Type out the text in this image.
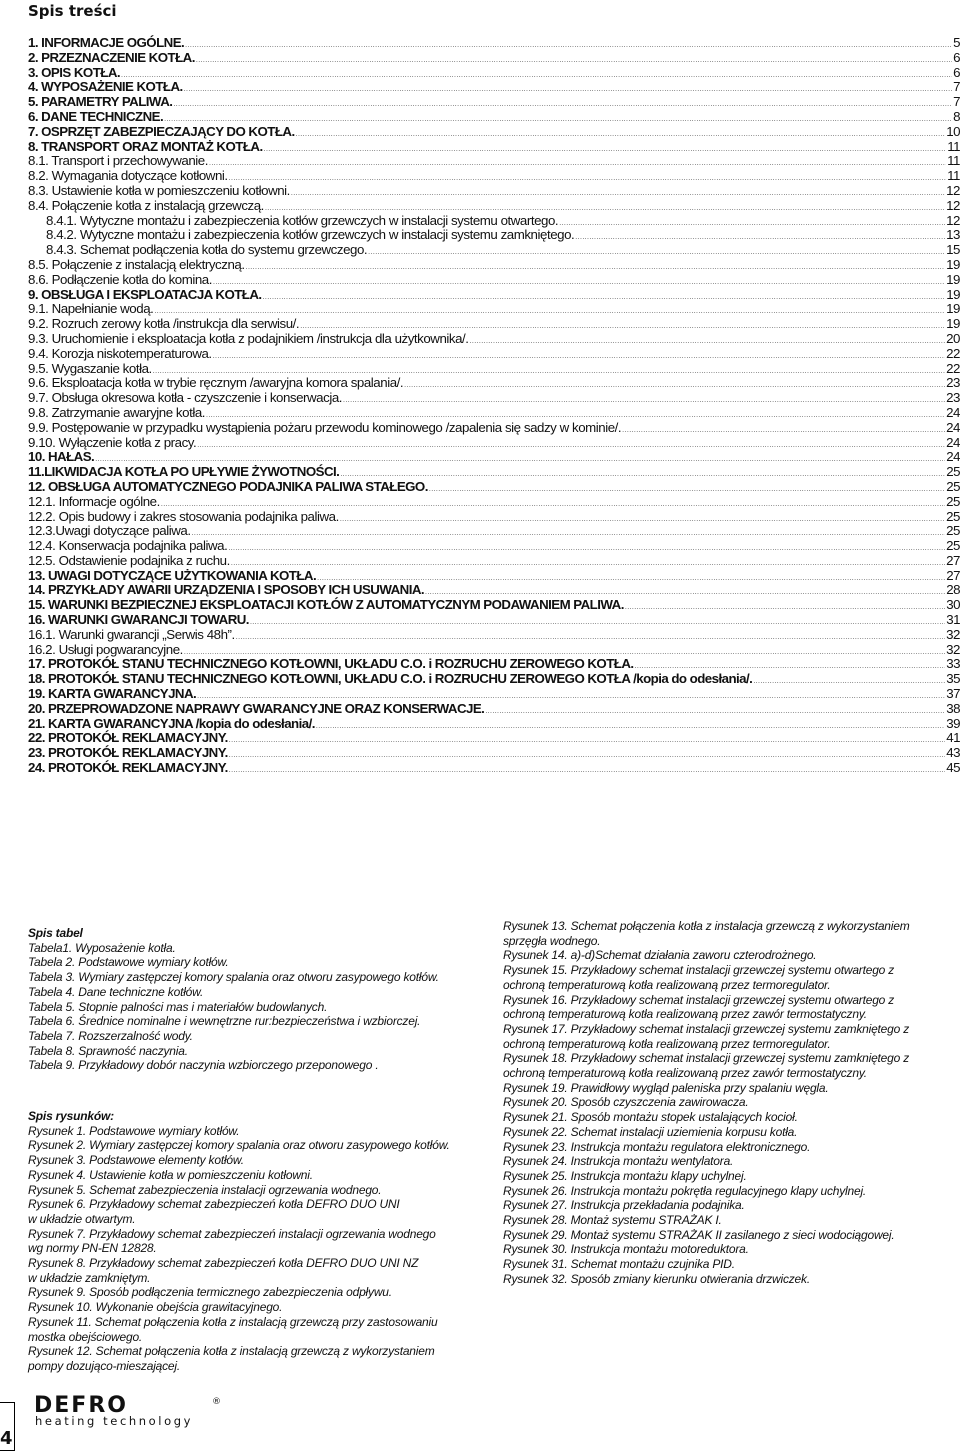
Spis treści
1. INFORMACJE OGÓLNE. .....	5
2. PRZEZNACZENIE KOTŁA. .....	6
3. OPIS KOTŁA. .....	6
4. WYPOSAŻENIE KOTŁA. .....	7
5. PARAMETRY PALIWA. .....	7
6. DANE TECHNICZNE. .....	8
7. OSPRZĘT ZABEZPIECZAJĄCY DO KOTŁA. .....	10
8. TRANSPORT ORAZ MONTAŻ KOTŁA. .....	11
8.1. Transport i przechowywanie. .....	11
8.2. Wymagania dotyczące kotłowni. .....	11
8.3. Ustawienie kotła w pomieszczeniu kotłowni. .....	12
8.4. Połączenie kotła z instalacją grzewczą. .....	12
8.4.1. Wytyczne montażu i zabezpieczenia kotłów grzewczych w instalacji systemu otwartego. .....	12
8.4.2. Wytyczne montażu i zabezpieczenia kotłów grzewczych w instalacji systemu zamkniętego. .....	13
8.4.3. Schemat podłączenia kotła do systemu grzewczego. .....	15
8.5. Połączenie z instalacją elektryczną. .....	19
8.6. Podłączenie kotła do komina. .....	19
9. OBSŁUGA I EKSPLOATACJA KOTŁA. .....	19
9.1. Napełnianie wodą. .....	19
9.2. Rozruch zerowy kotła /instrukcja dla serwisu/. .....	19
9.3. Uruchomienie i eksploatacja kotła z podajnikiem /instrukcja dla użytkownika/. .....	20
9.4. Korozja niskotemperaturowa. .....	22
9.5. Wygaszanie kotła. .....	22
9.6. Eksploatacja kotła w trybie ręcznym /awaryjna komora spalania/. .....	23
9.7. Obsługa okresowa kotła - czyszczenie i konserwacja. .....	23
9.8. Zatrzymanie awaryjne kotła. .....	24
9.9. Postępowanie w przypadku wystąpienia pożaru przewodu kominowego /zapalenia się sadzy w kominie/. .....	24
9.10. Wyłączenie kotła z pracy. .....	24
10. HAŁAS. .....	24
11.LIKWIDACJA KOTŁA PO UPŁYWIE ŻYWOTNOŚCI. .....	25
12. OBSŁUGA AUTOMATYCZNEGO PODAJNIKA PALIWA STAŁEGO. .....	25
12.1. Informacje ogólne. .....	25
12.2. Opis budowy i zakres stosowania podajnika paliwa. .....	25
12.3.Uwagi dotyczące paliwa. .....	25
12.4. Konserwacja podajnika paliwa. .....	25
12.5. Odstawienie podajnika z ruchu. .....	27
13. UWAGI DOTYCZĄCE UŻYTKOWANIA KOTŁA. .....	27
14. PRZYKŁADY AWARII URZĄDZENIA I SPOSOBY ICH USUWANIA. .....	28
15. WARUNKI BEZPIECZNEJ EKSPLOATACJI KOTŁÓW Z AUTOMATYCZNYM PODAWANIEM PALIWA. .....	30
16. WARUNKI GWARANCJI TOWARU. .....	31
16.1. Warunki gwarancji „Serwis 48h”. .....	32
16.2. Usługi pogwarancyjne. .....	32
17. PROTOKÓŁ STANU TECHNICZNEGO KOTŁOWNI, UKŁADU C.O. i ROZRUCHU ZEROWEGO KOTŁA. .....	33
18. PROTOKÓŁ STANU TECHNICZNEGO KOTŁOWNI, UKŁADU C.O. i ROZRUCHU ZEROWEGO KOTŁA /kopia do odesłania/. .....	35
19. KARTA GWARANCYJNA. .....	37
20. PRZEPROWADZONE NAPRAWY GWARANCYJNE ORAZ KONSERWACJE. .....	38
21. KARTA GWARANCYJNA /kopia do odesłania/. .....	39
22. PROTOKÓŁ REKLAMACYJNY. .....	41
23. PROTOKÓŁ REKLAMACYJNY. .....	43
24. PROTOKÓŁ REKLAMACYJNY. .....	45
Spis tabel
Tabela1. Wyposażenie kotła.
Tabela 2. Podstawowe wymiary kotłów.
Tabela 3. Wymiary zastępczej komory spalania oraz otworu zasypowego kotłów.
Tabela 4. Dane techniczne kotłów.
Tabela 5. Stopnie palności mas i materiałów budowlanych.
Tabela 6. Średnice nominalne i wewnętrzne rur:bezpieczeństwa i wzbiorczej.
Tabela 7. Rozszerzalność wody.
Tabela 8. Sprawność naczynia.
Tabela 9. Przykładowy dobór naczynia wzbiorczego przeponowego .
Spis rysunków:
Rysunek 1. Podstawowe wymiary kotłów.
Rysunek 2. Wymiary zastępczej komory spalania oraz otworu zasypowego kotłów.
Rysunek 3. Podstawowe elementy kotłów.
Rysunek 4. Ustawienie kotła w pomieszczeniu kotłowni.
Rysunek 5. Schemat zabezpieczenia instalacji ogrzewania wodnego.
Rysunek 6. Przykładowy schemat zabezpieczeń kotła DEFRO DUO UNI
w układzie otwartym.
Rysunek 7. Przykładowy schemat zabezpieczeń instalacji ogrzewania wodnego
wg normy PN-EN 12828.
Rysunek 8. Przykładowy schemat zabezpieczeń kotła DEFRO DUO UNI NZ
w układzie zamkniętym.
Rysunek 9. Sposób podłączenia termicznego zabezpieczenia odpływu.
Rysunek 10. Wykonanie obejścia grawitacyjnego.
Rysunek 11. Schemat połączenia kotła z instalacją grzewczą przy zastosowaniu
mostka obejściowego.
Rysunek 12. Schemat połączenia kotła z instalacją grzewczą z wykorzystaniem
pompy dozująco-mieszającej.
Rysunek 13. Schemat połączenia kotła z instalacja grzewczą z wykorzystaniem
sprzęgła wodnego.
Rysunek 14. a)-d)Schemat działania zaworu czterodrożnego.
Rysunek 15. Przykładowy schemat instalacji grzewczej systemu otwartego z
ochroną temperaturową kotła realizowaną przez termoregulator.
Rysunek 16. Przykładowy schemat instalacji grzewczej systemu otwartego z
ochroną temperaturową kotła realizowaną przez zawór termostatyczny.
Rysunek 17. Przykładowy schemat instalacji grzewczej systemu zamkniętego z
ochroną temperaturową kotła realizowaną przez termoregulator.
Rysunek 18. Przykładowy schemat instalacji grzewczej systemu zamkniętego z
ochroną temperaturową kotła realizowaną przez zawór termostatyczny.
Rysunek 19. Prawidłowy wygląd paleniska przy spalaniu węgla.
Rysunek 20. Sposób czyszczenia zawirowacza.
Rysunek 21. Sposób montażu stopek ustalających kocioł.
Rysunek 22. Schemat instalacji uziemienia korpusu kotła.
Rysunek 23. Instrukcja montażu regulatora elektronicznego.
Rysunek 24. Instrukcja montażu wentylatora.
Rysunek 25. Instrukcja montażu klapy uchylnej.
Rysunek 26. Instrukcja montażu pokrętła regulacyjnego klapy uchylnej.
Rysunek 27. Instrukcja przekładania podajnika.
Rysunek 28. Montaż systemu STRAŻAK I.
Rysunek 29. Montaż systemu STRAŻAK II zasilanego z sieci wodociągowej.
Rysunek 30. Instrukcja montażu motoreduktora.
Rysunek 31. Schemat montażu czujnika PID.
Rysunek 32. Sposób zmiany kierunku otwierania drzwiczek.
DEFRO	®
heating technology
4
